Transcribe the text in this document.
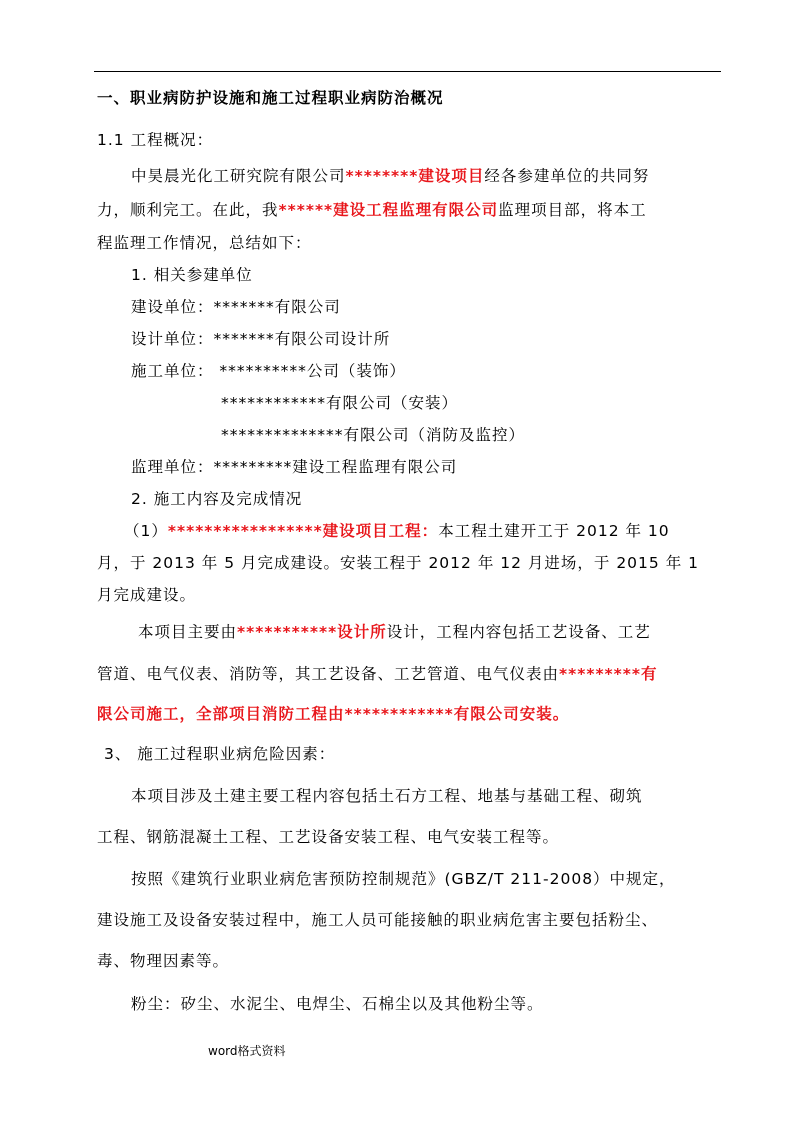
一、职业病防护设施和施工过程职业病防治概况
1.1 工程概况：
中昊晨光化工研究院有限公司********建设项目经各参建单位的共同努
力，顺利完工。在此，我******建设工程监理有限公司监理项目部，将本工
程监理工作情况，总结如下：
1. 相关参建单位
建设单位：*******有限公司
设计单位：*******有限公司设计所
施工单位： **********公司（装饰）
************有限公司（安装）
**************有限公司（消防及监控）
监理单位：*********建设工程监理有限公司
2. 施工内容及完成情况
（1）*****************建设项目工程：本工程土建开工于 2012 年 10
月，于 2013 年 5 月完成建设。安装工程于 2012 年 12 月进场，于 2015 年 1
月完成建设。
本项目主要由***********设计所设计，工程内容包括工艺设备、工艺
管道、电气仪表、消防等，其工艺设备、工艺管道、电气仪表由*********有
限公司施工，全部项目消防工程由************有限公司安装。
3、 施工过程职业病危险因素：
本项目涉及土建主要工程内容包括土石方工程、地基与基础工程、砌筑
工程、钢筋混凝土工程、工艺设备安装工程、电气安装工程等。
按照《建筑行业职业病危害预防控制规范》(GBZ/T 211-2008）中规定，
建设施工及设备安装过程中，施工人员可能接触的职业病危害主要包括粉尘、
毒、物理因素等。
粉尘：矽尘、水泥尘、电焊尘、石棉尘以及其他粉尘等。
word格式资料
